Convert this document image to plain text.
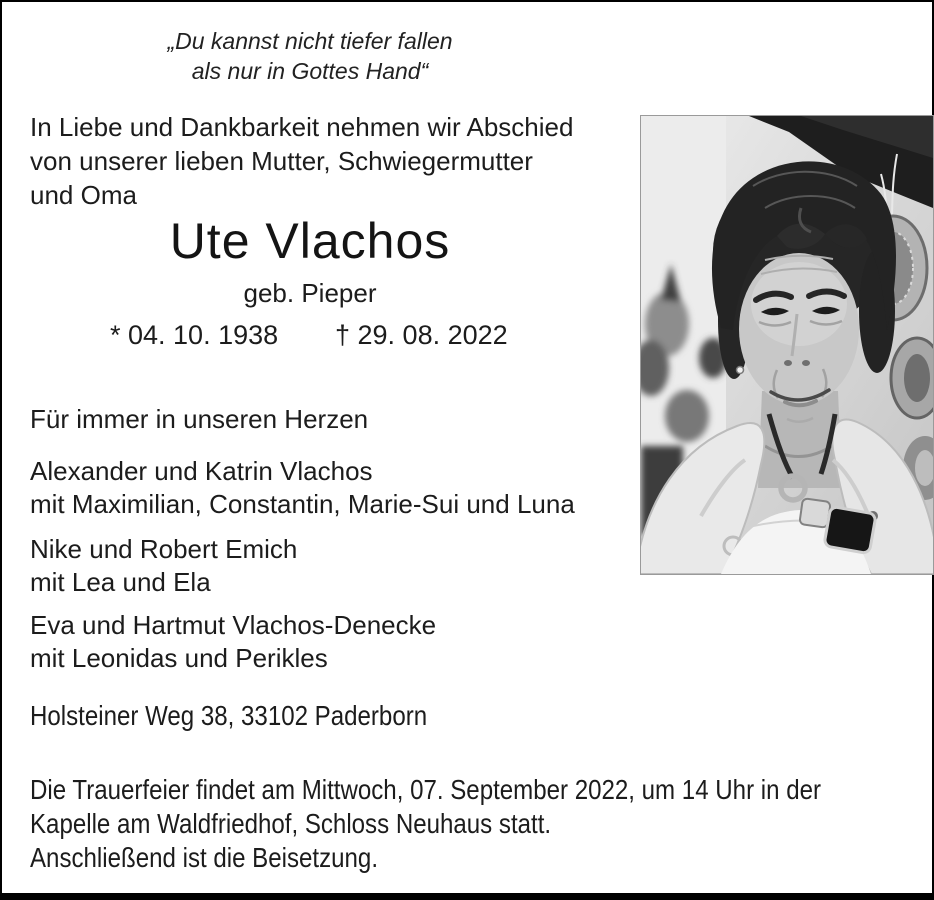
„Du kannst nicht tiefer fallen
als nur in Gottes Hand“
In Liebe und Dankbarkeit nehmen wir Abschied
von unserer lieben Mutter, Schwiegermutter
und Oma
Ute Vlachos
geb. Pieper
* 04. 10. 1938 † 29. 08. 2022
Für immer in unseren Herzen
Alexander und Katrin Vlachos
mit Maximilian, Constantin, Marie-Sui und Luna
Nike und Robert Emich
mit Lea und Ela
Eva und Hartmut Vlachos-Denecke
mit Leonidas und Perikles
Holsteiner Weg 38, 33102 Paderborn
Die Trauerfeier findet am Mittwoch, 07. September 2022, um 14 Uhr in der
Kapelle am Waldfriedhof, Schloss Neuhaus statt.
Anschließend ist die Beisetzung.
